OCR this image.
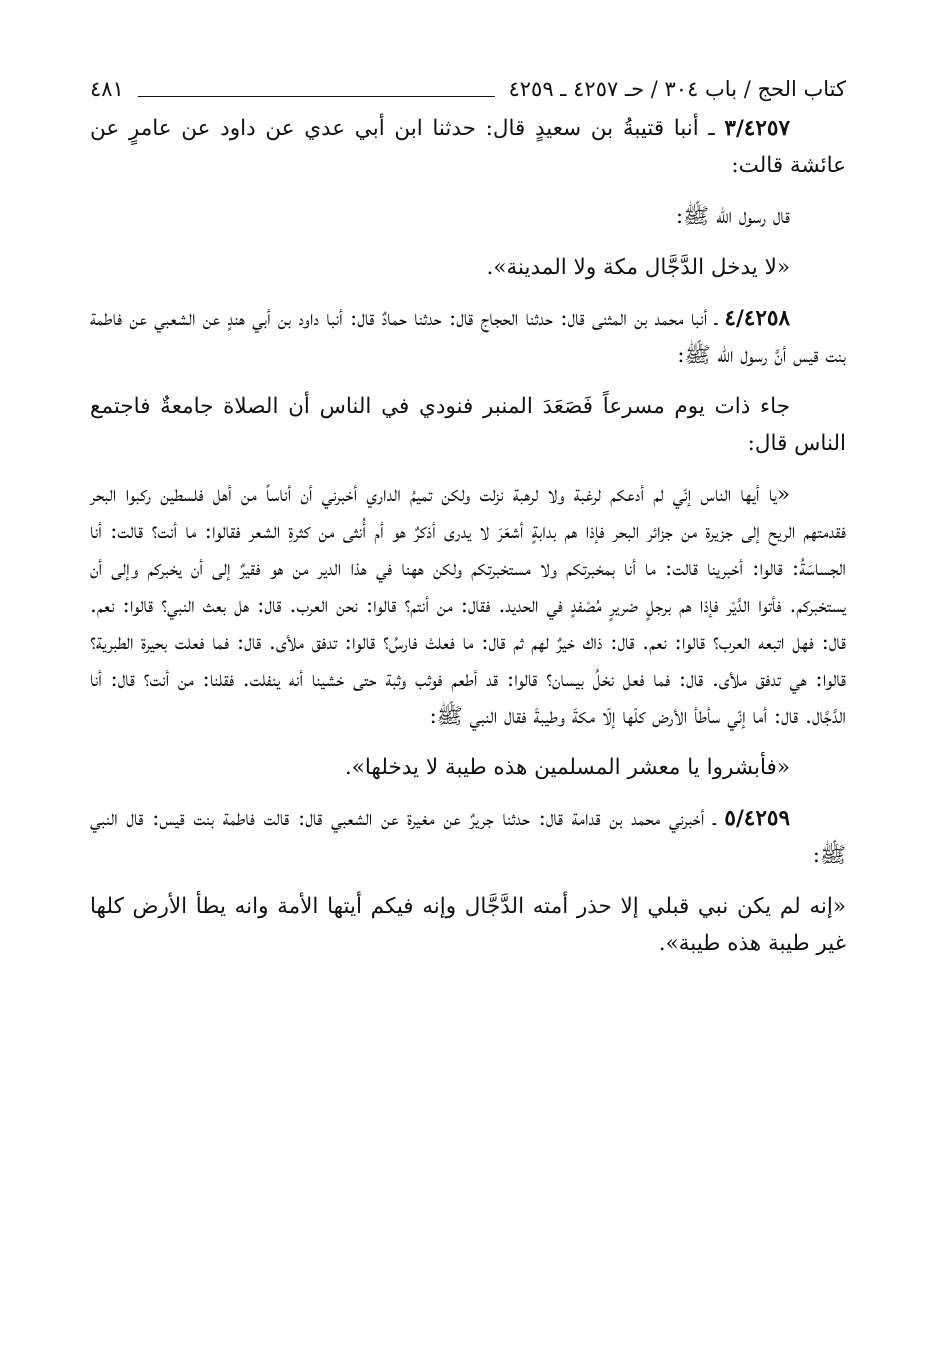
كتاب الحج / باب ٣٠٤ / حـ ٤٢٥٧ ـ ٤٢٥٩
٤٨١

٣/٤٢٥٧ ـ أنبا قتيبةُ بن سعيدٍ قال: حدثنا ابن أبي عدي عن داود عن عامرٍ عن عائشة قالت:

قال رسول الله ﷺ:

«لا يدخل الدَّجَّال مكة ولا المدينة».

٤/٤٢٥٨ ـ أنبا محمد بن المثنى قال: حدثنا الحجاج قال: حدثنا حمادٌ قال: أنبا داود بن أبي هندٍ عن الشعبي عن فاطمة بنت قيس أنَّ رسول الله ﷺ:

جاء ذات يوم مسرعاً فَصَعَدَ المنبر فنودي في الناس أن الصلاة جامعةٌ فاجتمع الناس قال:

«يا أيها الناس إنّي لم أدعكم لرغبة ولا لرهبة نزلت ولكن تميمُ الداري أخبرني أن أناساً من أهل فلسطين ركبوا البحر فقدمتهم الريح إلى جزيرة من جزائر البحر فإذا هم بدابةٍ أشعَرَ لا يدرى أذكرٌ هو أم أُنثى من كثرةِ الشعر فقالوا: ما أنت؟ قالت: أنا الجساسَةُ: قالوا: أخبرينا قالت: ما أنا بمخبرتكم ولا مستخبرتكم ولكن ههنا في هذا الدير من هو فقيرٌ إلى أن يخبركم وإلى أن يستخبركم. فأتوا الدَّيْر فإذا هم برجلٍ ضريرٍ مُصْفدٍ في الحديد. فقال: من أنتم؟ قالوا: نحن العرب. قال: هل بعث النبي؟ قالوا: نعم. قال: فهل اتبعه العرب؟ قالوا: نعم. قال: ذاك خيرٌ لهم ثم قال: ما فعلتْ فارسُ؟ قالوا: تدفق ملأى. قال: فما فعلت بحيرة الطبرية؟ قالوا: هي تدفق ملأى. قال: فما فعل نخلُ بيسان؟ قالوا: قد أطعم فوثب وثبة حتى خشينا أنه ينفلت. فقلنا: من أنت؟ قال: أنا الدَّجَّال. قال: أما إنّي سأطأ الأرض كلّها إلّا مكةَ وطيبةَ فقال النبي ﷺ:

«فأبشروا يا معشر المسلمين هذه طيبة لا يدخلها».

٥/٤٢٥٩ ـ أخبرني محمد بن قدامة قال: حدثنا جريرٌ عن مغيرة عن الشعبي قال: قالت فاطمة بنت قيس: قال النبي ﷺ:

«إنه لم يكن نبي قبلي إلا حذر أمته الدَّجَّال وإنه فيكم أيتها الأمة وانه يطأ الأرض كلها غير طيبة هذه طيبة».
